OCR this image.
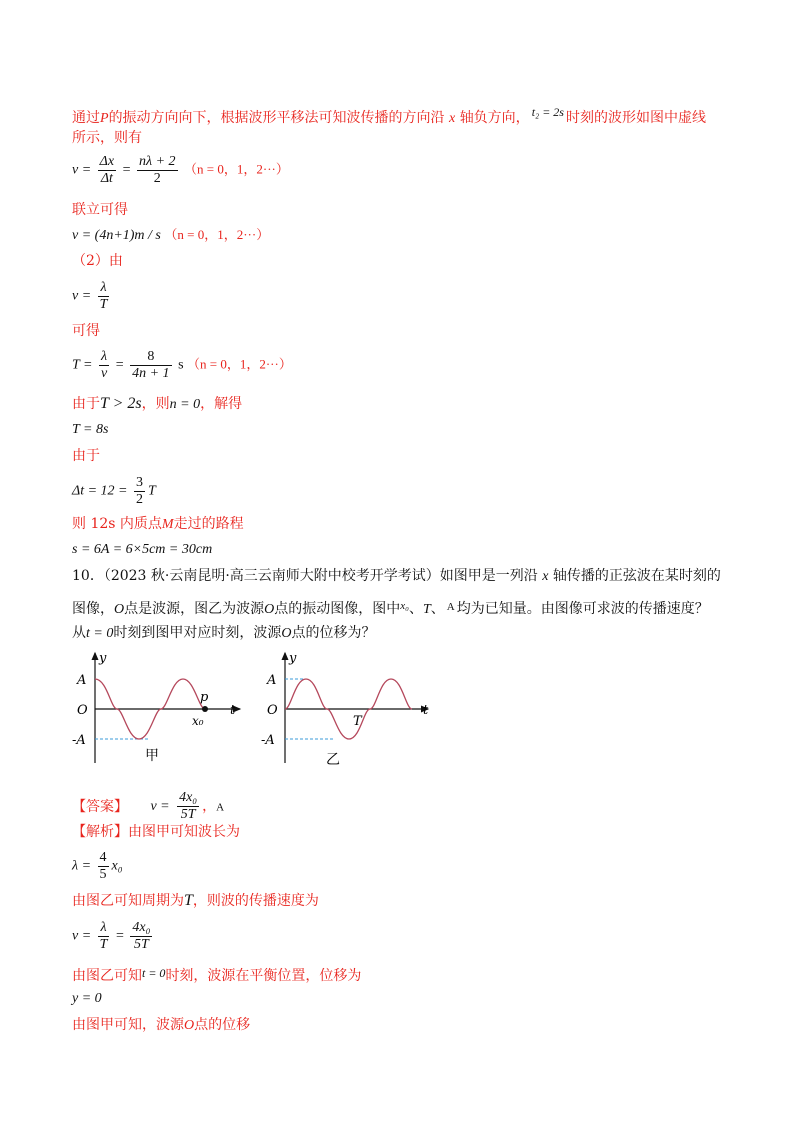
通过P的振动方向向下，根据波形平移法可知波传播的方向沿 x 轴负方向， t₂ = 2s 时刻的波形如图中虚线
所示，则有
$v = \frac{\Delta x}{\Delta t} = \frac{n\lambda + 2}{2} (n = 0$，1，2···）
联立可得
v = (4n+1)m / s （n = 0，1，2···）
（2）由
$v = \frac{\lambda}{T}$
可得
$T = \frac{\lambda}{v} = \frac{8}{4n + 1}$ s （n = 0，1，2···）
由于T > 2s，则n = 0，解得
T = 8s
由于
$\Delta t = 12 = \frac{3}{2}$ T
则 12s 内质点M走过的路程
s = 6A = 6×5cm = 30cm
10．（2023 秋·云南昆明·高三云南师大附中校考开学考试）如图甲是一列沿 x 轴传播的正弦波在某时刻的
图像，O点是波源，图乙为波源O点的振动图像，图中$^{x_0}$、T、 $^A$ 均为已知量。由图像可求波的传播速度？
从t = 0时刻到图甲对应时刻，波源O点的位移为？
y
A
O
-A
p
x₀
t
甲
y
A
O
-A
T
t
乙
【答案】 $v = \frac{\text{4x₀}}{5T}$ ，A
【解析】由图甲可知波长为
$\lambda = \frac{4}{5} x_0$
由图乙可知周期为T，则波的传播速度为
$v = \frac{\lambda}{T} = \frac{\text{4x₀}}{5T}$
由图乙可知t = 0时刻，波源在平衡位置，位移为
y = 0
由图甲可知，波源O点的位移
